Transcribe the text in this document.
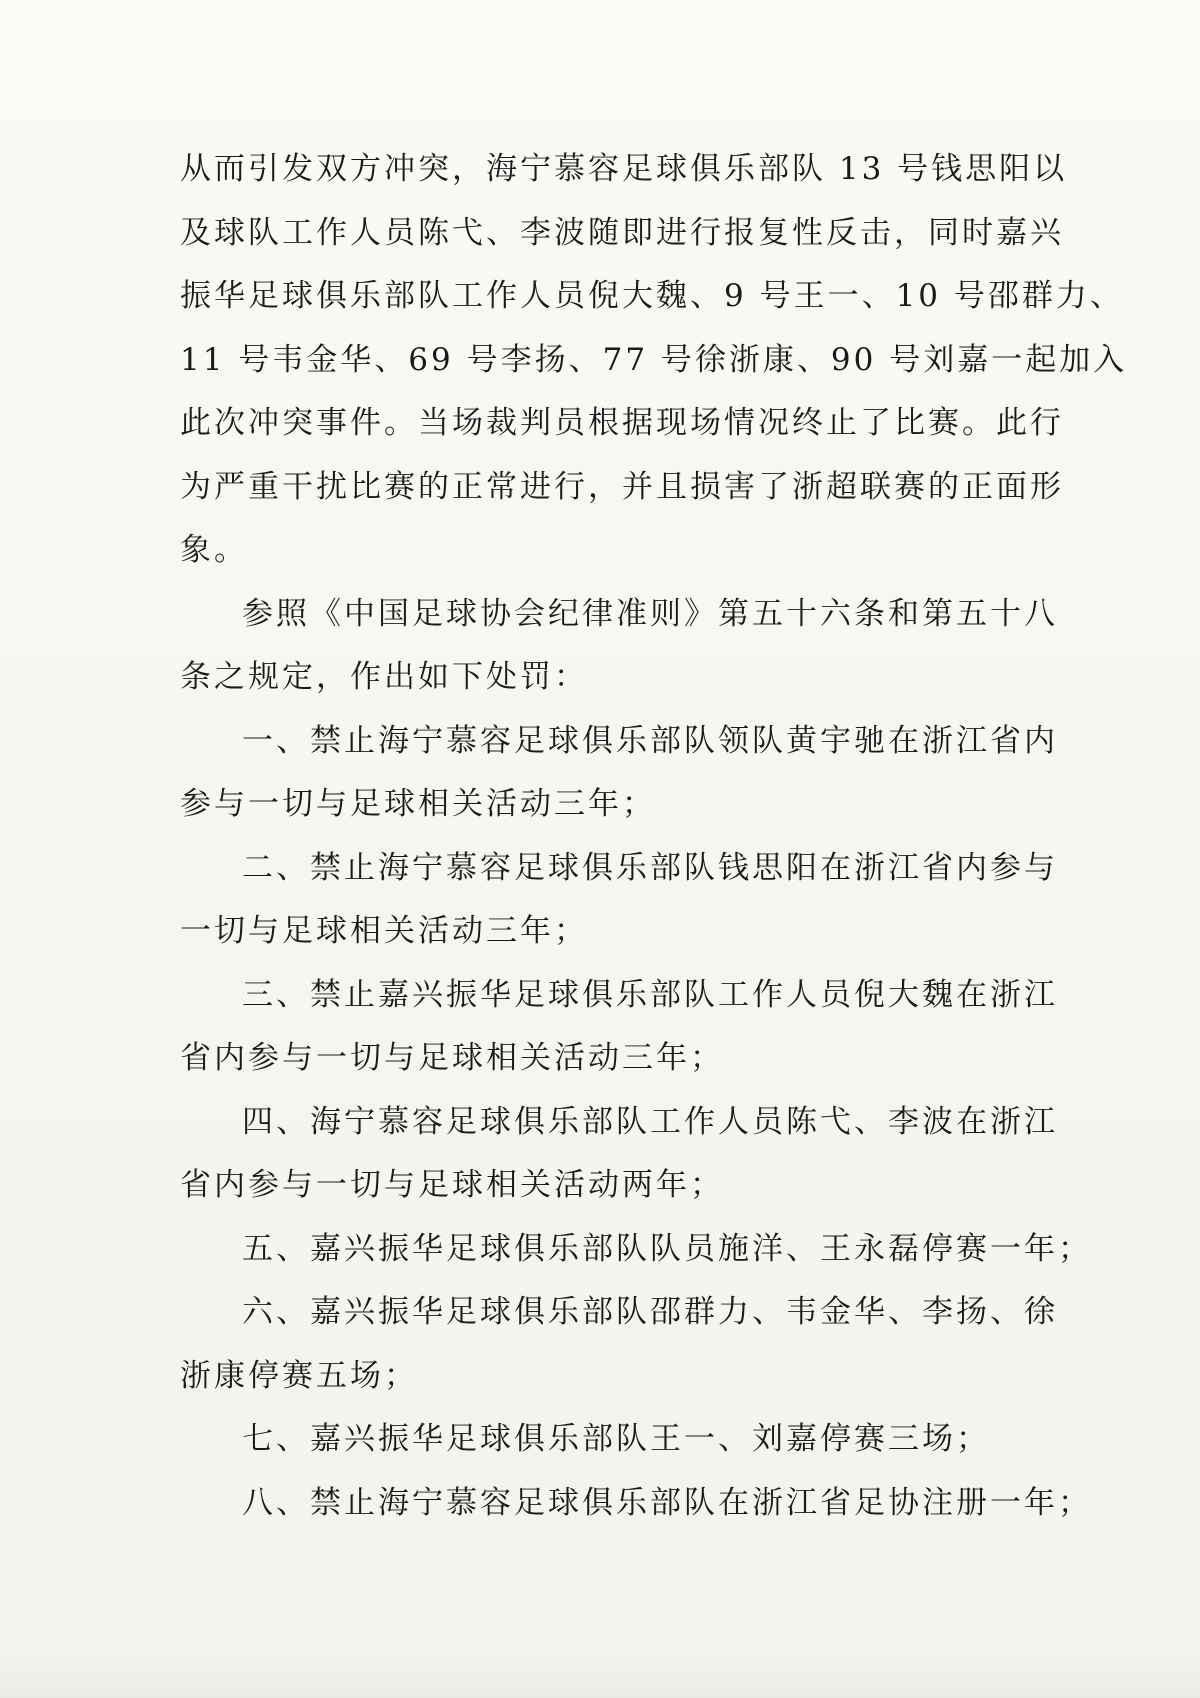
从而引发双方冲突，海宁慕容足球俱乐部队 13 号钱思阳以
及球队工作人员陈弋、李波随即进行报复性反击，同时嘉兴
振华足球俱乐部队工作人员倪大魏、9 号王一、10 号邵群力、
11 号韦金华、69 号李扬、77 号徐浙康、90 号刘嘉一起加入
此次冲突事件。当场裁判员根据现场情况终止了比赛。此行
为严重干扰比赛的正常进行，并且损害了浙超联赛的正面形
象。
参照《中国足球协会纪律准则》第五十六条和第五十八
条之规定，作出如下处罚：
一、禁止海宁慕容足球俱乐部队领队黄宇驰在浙江省内
参与一切与足球相关活动三年；
二、禁止海宁慕容足球俱乐部队钱思阳在浙江省内参与
一切与足球相关活动三年；
三、禁止嘉兴振华足球俱乐部队工作人员倪大魏在浙江
省内参与一切与足球相关活动三年；
四、海宁慕容足球俱乐部队工作人员陈弋、李波在浙江
省内参与一切与足球相关活动两年；
五、嘉兴振华足球俱乐部队队员施洋、王永磊停赛一年；
六、嘉兴振华足球俱乐部队邵群力、韦金华、李扬、徐
浙康停赛五场；
七、嘉兴振华足球俱乐部队王一、刘嘉停赛三场；
八、禁止海宁慕容足球俱乐部队在浙江省足协注册一年；
